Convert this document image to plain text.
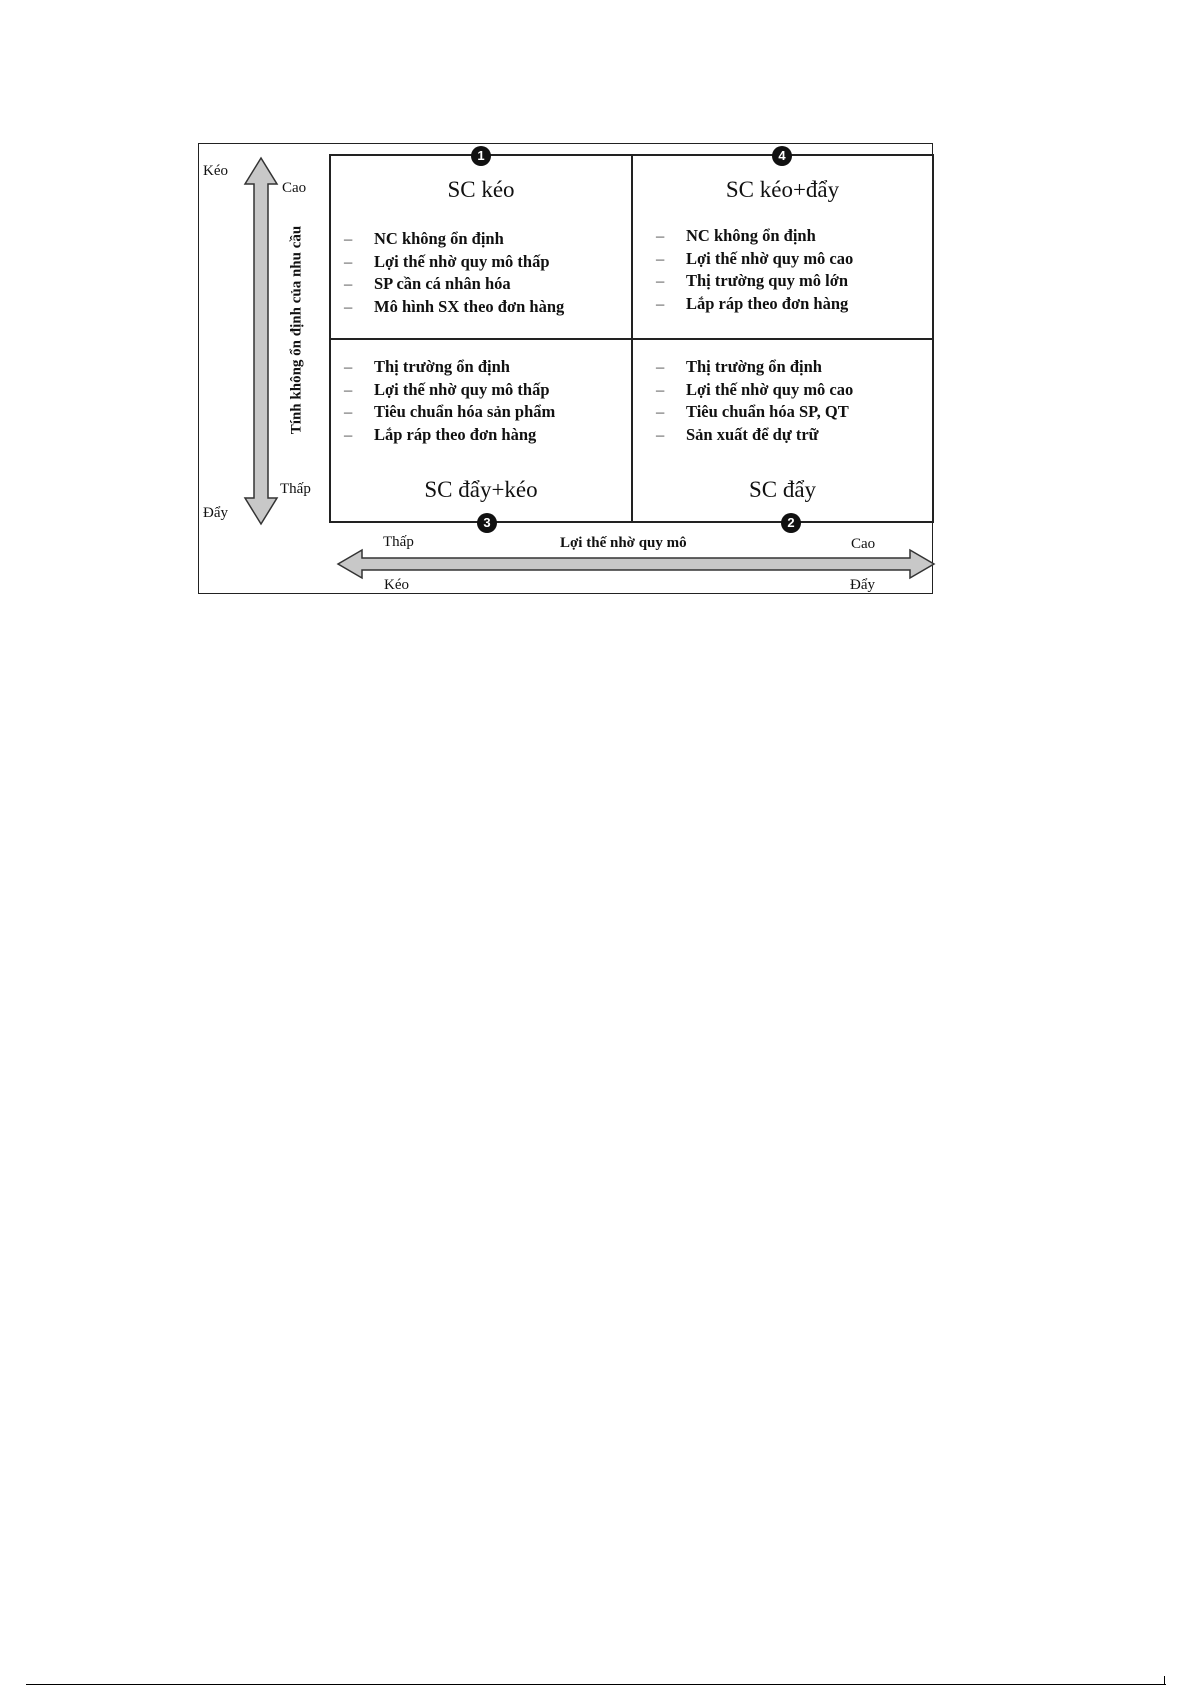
SC kéo
– NC không ổn định
– Lợi thế nhờ quy mô thấp
– SP cần cá nhân hóa
– Mô hình SX theo đơn hàng
SC kéo+đẩy
– NC không ổn định
– Lợi thế nhờ quy mô cao
– Thị trường quy mô lớn
– Lắp ráp theo đơn hàng
– Thị trường ổn định
– Lợi thế nhờ quy mô thấp
– Tiêu chuẩn hóa sản phẩm
– Lắp ráp theo đơn hàng
SC đẩy+kéo
– Thị trường ổn định
– Lợi thế nhờ quy mô cao
– Tiêu chuẩn hóa SP, QT
– Sản xuất để dự trữ
SC đẩy
1	4
3	2
Kéo
Cao
Thấp
Đẩy
Tính không ổn định của nhu cầu
Thấp	Lợi thế nhờ quy mô	Cao
Kéo	Đẩy
